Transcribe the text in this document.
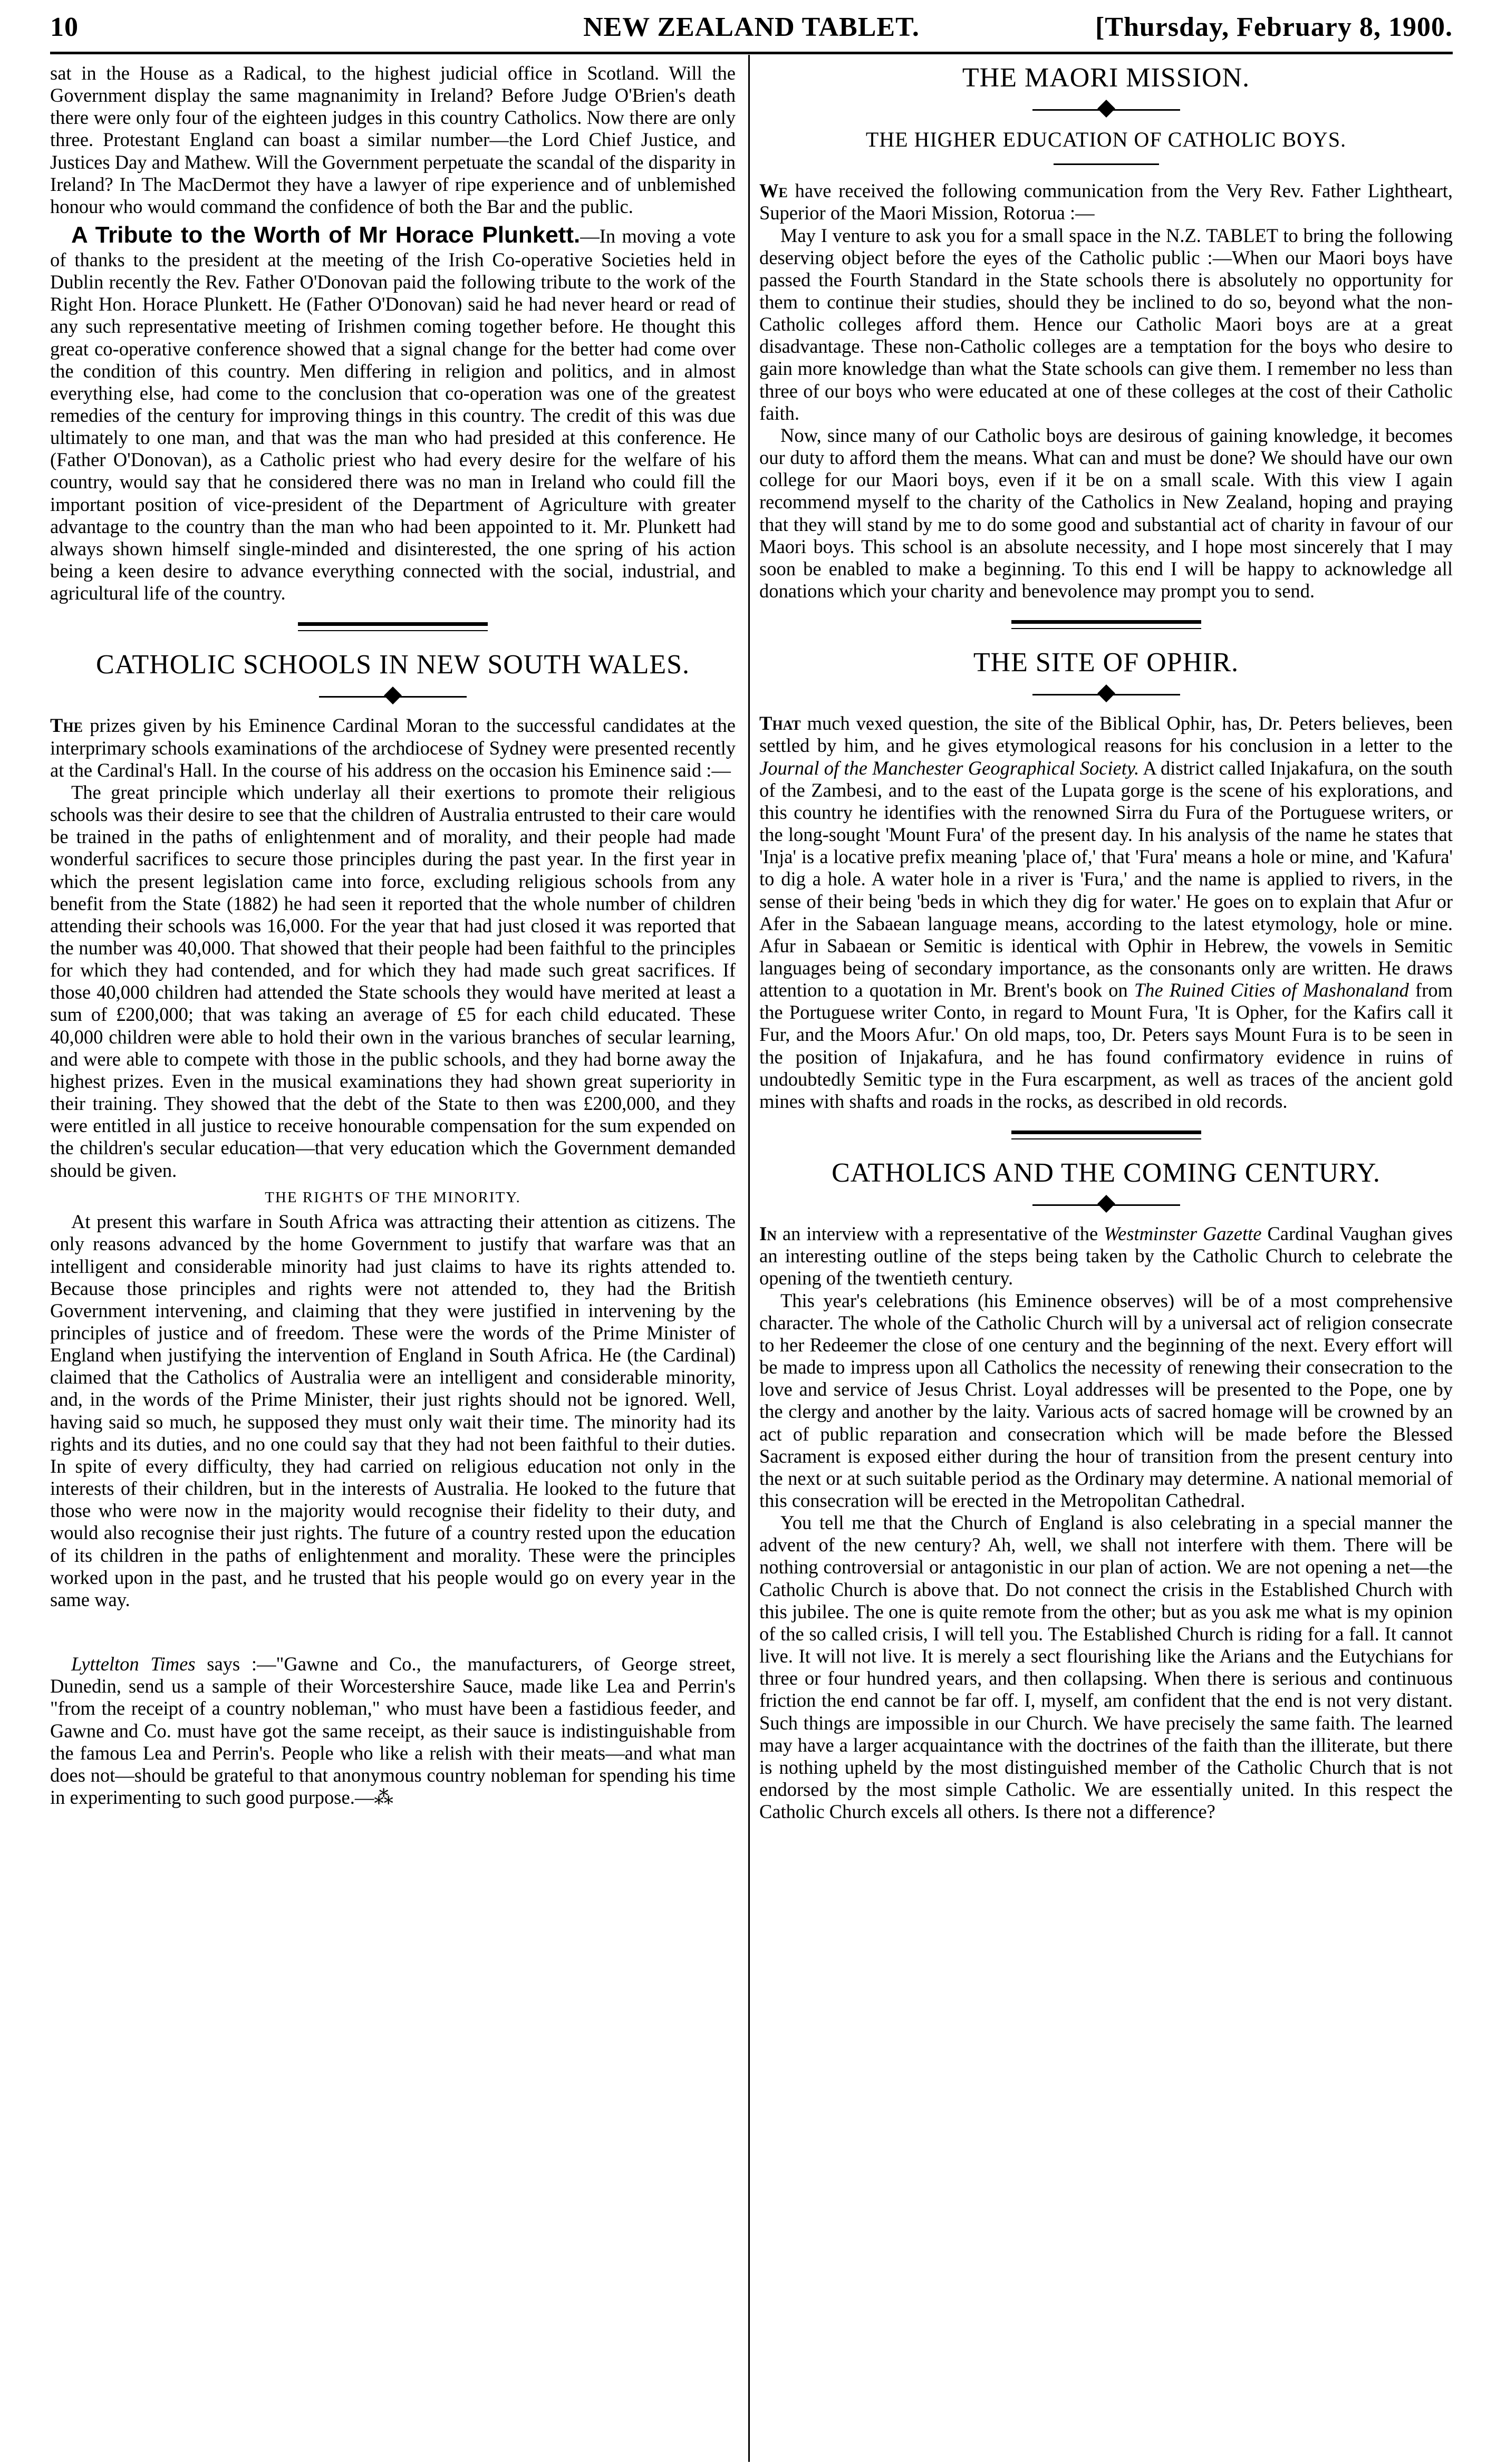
10	NEW ZEALAND TABLET.	[Thursday, February 8, 1900.

sat in the House as a Radical, to the highest judicial office in Scotland. Will the Government display the same magnanimity in Ireland? Before Judge O'Brien's death there were only four of the eighteen judges in this country Catholics. Now there are only three. Protestant England can boast a similar number—the Lord Chief Justice, and Justices Day and Mathew. Will the Government perpetuate the scandal of the disparity in Ireland? In The MacDermot they have a lawyer of ripe experience and of unblemished honour who would command the confidence of both the Bar and the public.

A Tribute to the Worth of Mr Horace Plunkett.—In moving a vote of thanks to the president at the meeting of the Irish Co-operative Societies held in Dublin recently the Rev. Father O'Donovan paid the following tribute to the work of the Right Hon. Horace Plunkett. He (Father O'Donovan) said he had never heard or read of any such representative meeting of Irishmen coming together before. He thought this great co-operative conference showed that a signal change for the better had come over the condition of this country. Men differing in religion and politics, and in almost everything else, had come to the conclusion that co-operation was one of the greatest remedies of the century for improving things in this country. The credit of this was due ultimately to one man, and that was the man who had presided at this conference. He (Father O'Donovan), as a Catholic priest who had every desire for the welfare of his country, would say that he considered there was no man in Ireland who could fill the important position of vice-president of the Department of Agriculture with greater advantage to the country than the man who had been appointed to it. Mr. Plunkett had always shown himself single-minded and disinterested, the one spring of his action being a keen desire to advance everything connected with the social, industrial, and agricultural life of the country.

CATHOLIC SCHOOLS IN NEW SOUTH WALES.

The prizes given by his Eminence Cardinal Moran to the successful candidates at the interprimary schools examinations of the archdiocese of Sydney were presented recently at the Cardinal's Hall. In the course of his address on the occasion his Eminence said :—

The great principle which underlay all their exertions to promote their religious schools was their desire to see that the children of Australia entrusted to their care would be trained in the paths of enlightenment and of morality, and their people had made wonderful sacrifices to secure those principles during the past year. In the first year in which the present legislation came into force, excluding religious schools from any benefit from the State (1882) he had seen it reported that the whole number of children attending their schools was 16,000. For the year that had just closed it was reported that the number was 40,000. That showed that their people had been faithful to the principles for which they had contended, and for which they had made such great sacrifices. If those 40,000 children had attended the State schools they would have merited at least a sum of £200,000; that was taking an average of £5 for each child educated. These 40,000 children were able to hold their own in the various branches of secular learning, and were able to compete with those in the public schools, and they had borne away the highest prizes. Even in the musical examinations they had shown great superiority in their training. They showed that the debt of the State to then was £200,000, and they were entitled in all justice to receive honourable compensation for the sum expended on the children's secular education—that very education which the Government demanded should be given.

THE RIGHTS OF THE MINORITY.

At present this warfare in South Africa was attracting their attention as citizens. The only reasons advanced by the home Government to justify that warfare was that an intelligent and considerable minority had just claims to have its rights attended to. Because those principles and rights were not attended to, they had the British Government intervening, and claiming that they were justified in intervening by the principles of justice and of freedom. These were the words of the Prime Minister of England when justifying the intervention of England in South Africa. He (the Cardinal) claimed that the Catholics of Australia were an intelligent and considerable minority, and, in the words of the Prime Minister, their just rights should not be ignored. Well, having said so much, he supposed they must only wait their time. The minority had its rights and its duties, and no one could say that they had not been faithful to their duties. In spite of every difficulty, they had carried on religious education not only in the interests of their children, but in the interests of Australia. He looked to the future that those who were now in the majority would recognise their fidelity to their duty, and would also recognise their just rights. The future of a country rested upon the education of its children in the paths of enlightenment and morality. These were the principles worked upon in the past, and he trusted that his people would go on every year in the same way.

Lyttelton Times says :—"Gawne and Co., the manufacturers, of George street, Dunedin, send us a sample of their Worcestershire Sauce, made like Lea and Perrin's "from the receipt of a country nobleman," who must have been a fastidious feeder, and Gawne and Co. must have got the same receipt, as their sauce is indistinguishable from the famous Lea and Perrin's. People who like a relish with their meats—and what man does not—should be grateful to that anonymous country nobleman for spending his time in experimenting to such good purpose.—⁂

THE MAORI MISSION.
THE HIGHER EDUCATION OF CATHOLIC BOYS.

We have received the following communication from the Very Rev. Father Lightheart, Superior of the Maori Mission, Rotorua :—

May I venture to ask you for a small space in the N.Z. TABLET to bring the following deserving object before the eyes of the Catholic public :—When our Maori boys have passed the Fourth Standard in the State schools there is absolutely no opportunity for them to continue their studies, should they be inclined to do so, beyond what the non-Catholic colleges afford them. Hence our Catholic Maori boys are at a great disadvantage. These non-Catholic colleges are a temptation for the boys who desire to gain more knowledge than what the State schools can give them. I remember no less than three of our boys who were educated at one of these colleges at the cost of their Catholic faith.

Now, since many of our Catholic boys are desirous of gaining knowledge, it becomes our duty to afford them the means. What can and must be done? We should have our own college for our Maori boys, even if it be on a small scale. With this view I again recommend myself to the charity of the Catholics in New Zealand, hoping and praying that they will stand by me to do some good and substantial act of charity in favour of our Maori boys. This school is an absolute necessity, and I hope most sincerely that I may soon be enabled to make a beginning. To this end I will be happy to acknowledge all donations which your charity and benevolence may prompt you to send.

THE SITE OF OPHIR.

That much vexed question, the site of the Biblical Ophir, has, Dr. Peters believes, been settled by him, and he gives etymological reasons for his conclusion in a letter to the Journal of the Manchester Geographical Society. A district called Injakafura, on the south of the Zambesi, and to the east of the Lupata gorge is the scene of his explorations, and this country he identifies with the renowned Sirra du Fura of the Portuguese writers, or the long-sought 'Mount Fura' of the present day. In his analysis of the name he states that 'Inja' is a locative prefix meaning 'place of,' that 'Fura' means a hole or mine, and 'Kafura' to dig a hole. A water hole in a river is 'Fura,' and the name is applied to rivers, in the sense of their being 'beds in which they dig for water.' He goes on to explain that Afur or Afer in the Sabaean language means, according to the latest etymology, hole or mine. Afur in Sabaean or Semitic is identical with Ophir in Hebrew, the vowels in Semitic languages being of secondary importance, as the consonants only are written. He draws attention to a quotation in Mr. Brent's book on The Ruined Cities of Mashonaland from the Portuguese writer Conto, in regard to Mount Fura, 'It is Opher, for the Kafirs call it Fur, and the Moors Afur.' On old maps, too, Dr. Peters says Mount Fura is to be seen in the position of Injakafura, and he has found confirmatory evidence in ruins of undoubtedly Semitic type in the Fura escarpment, as well as traces of the ancient gold mines with shafts and roads in the rocks, as described in old records.

CATHOLICS AND THE COMING CENTURY.

In an interview with a representative of the Westminster Gazette Cardinal Vaughan gives an interesting outline of the steps being taken by the Catholic Church to celebrate the opening of the twentieth century.

This year's celebrations (his Eminence observes) will be of a most comprehensive character. The whole of the Catholic Church will by a universal act of religion consecrate to her Redeemer the close of one century and the beginning of the next. Every effort will be made to impress upon all Catholics the necessity of renewing their consecration to the love and service of Jesus Christ. Loyal addresses will be presented to the Pope, one by the clergy and another by the laity. Various acts of sacred homage will be crowned by an act of public reparation and consecration which will be made before the Blessed Sacrament is exposed either during the hour of transition from the present century into the next or at such suitable period as the Ordinary may determine. A national memorial of this consecration will be erected in the Metropolitan Cathedral.

You tell me that the Church of England is also celebrating in a special manner the advent of the new century? Ah, well, we shall not interfere with them. There will be nothing controversial or antagonistic in our plan of action. We are not opening a net—the Catholic Church is above that. Do not connect the crisis in the Established Church with this jubilee. The one is quite remote from the other; but as you ask me what is my opinion of the so called crisis, I will tell you. The Established Church is riding for a fall. It cannot live. It will not live. It is merely a sect flourishing like the Arians and the Eutychians for three or four hundred years, and then collapsing. When there is serious and continuous friction the end cannot be far off. I, myself, am confident that the end is not very distant. Such things are impossible in our Church. We have precisely the same faith. The learned may have a larger acquaintance with the doctrines of the faith than the illiterate, but there is nothing upheld by the most distinguished member of the Catholic Church that is not endorsed by the most simple Catholic. We are essentially united. In this respect the Catholic Church excels all others. Is there not a difference?
